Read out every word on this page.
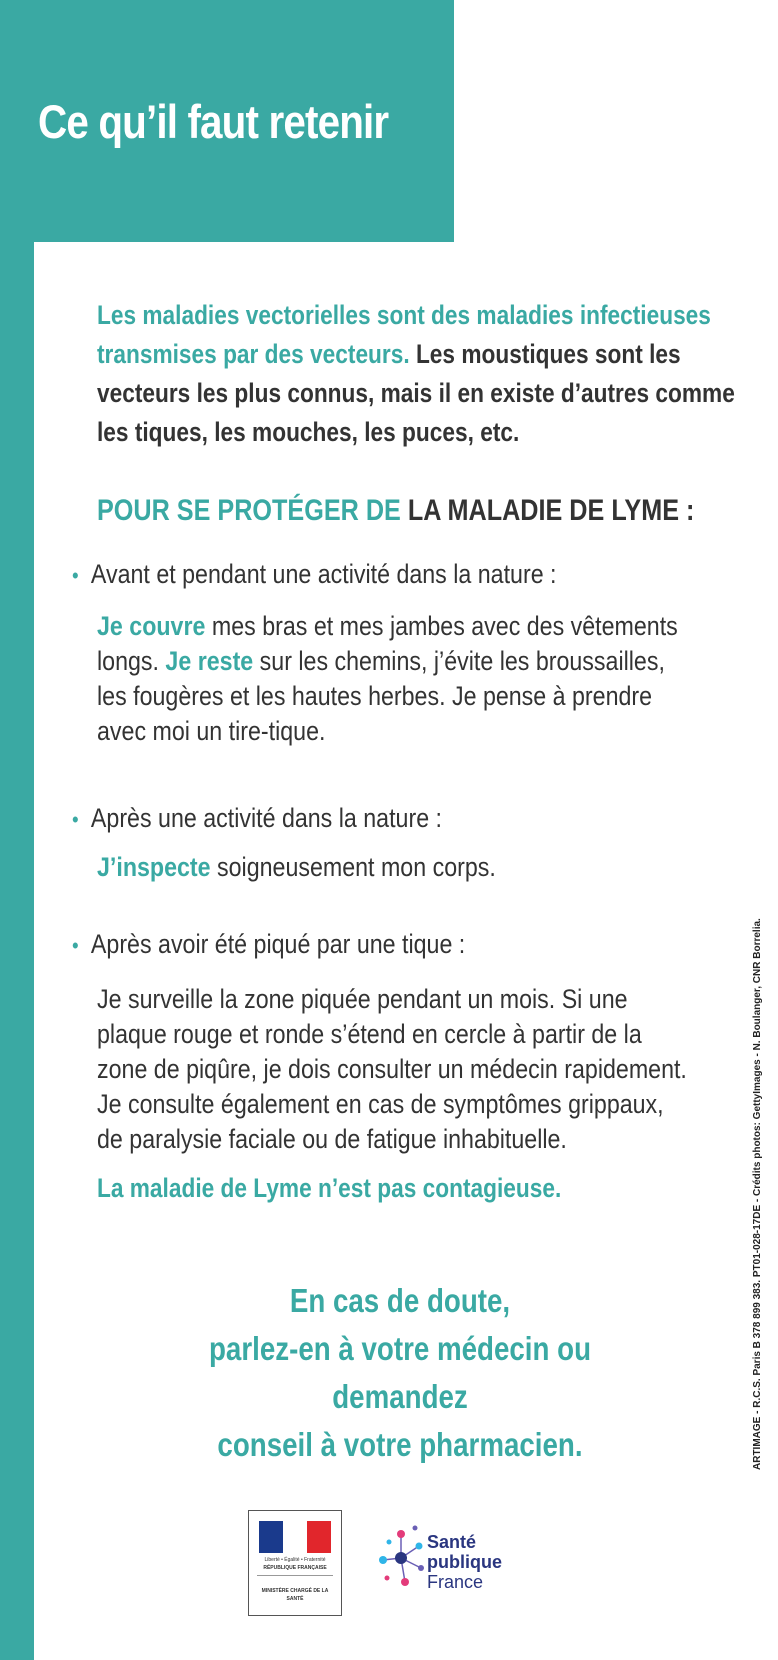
Ce qu’il faut retenir

Les maladies vectorielles sont des maladies infectieuses transmises par des vecteurs. Les moustiques sont les vecteurs les plus connus, mais il en existe d’autres comme les tiques, les mouches, les puces, etc.

POUR SE PROTÉGER DE LA MALADIE DE LYME :
• Avant et pendant une activité dans la nature :

Je couvre mes bras et mes jambes avec des vêtements longs. Je reste sur les chemins, j’évite les broussailles, les fougères et les hautes herbes. Je pense à prendre avec moi un tire-tique.

• Après une activité dans la nature :

J’inspecte soigneusement mon corps.

• Après avoir été piqué par une tique :

Je surveille la zone piquée pendant un mois. Si une plaque rouge et ronde s’étend en cercle à partir de la zone de piqûre, je dois consulter un médecin rapidement. Je consulte également en cas de symptômes grippaux, de paralysie faciale ou de fatigue inhabituelle.

La maladie de Lyme n’est pas contagieuse.

En cas de doute,
parlez-en à votre médecin ou demandez
conseil à votre pharmacien.	ARTIMAGE - R.C.S. Paris B 378 899 383. PT01-028-17DE - Crédits photos: GettyImages - N. Boulanger, CNR Borrelia.
Liberté • Égalité • Fraternité
RÉPUBLIQUE FRANÇAISE
MINISTÈRE CHARGÉ DE LA SANTÉ
Santé
publique
France
